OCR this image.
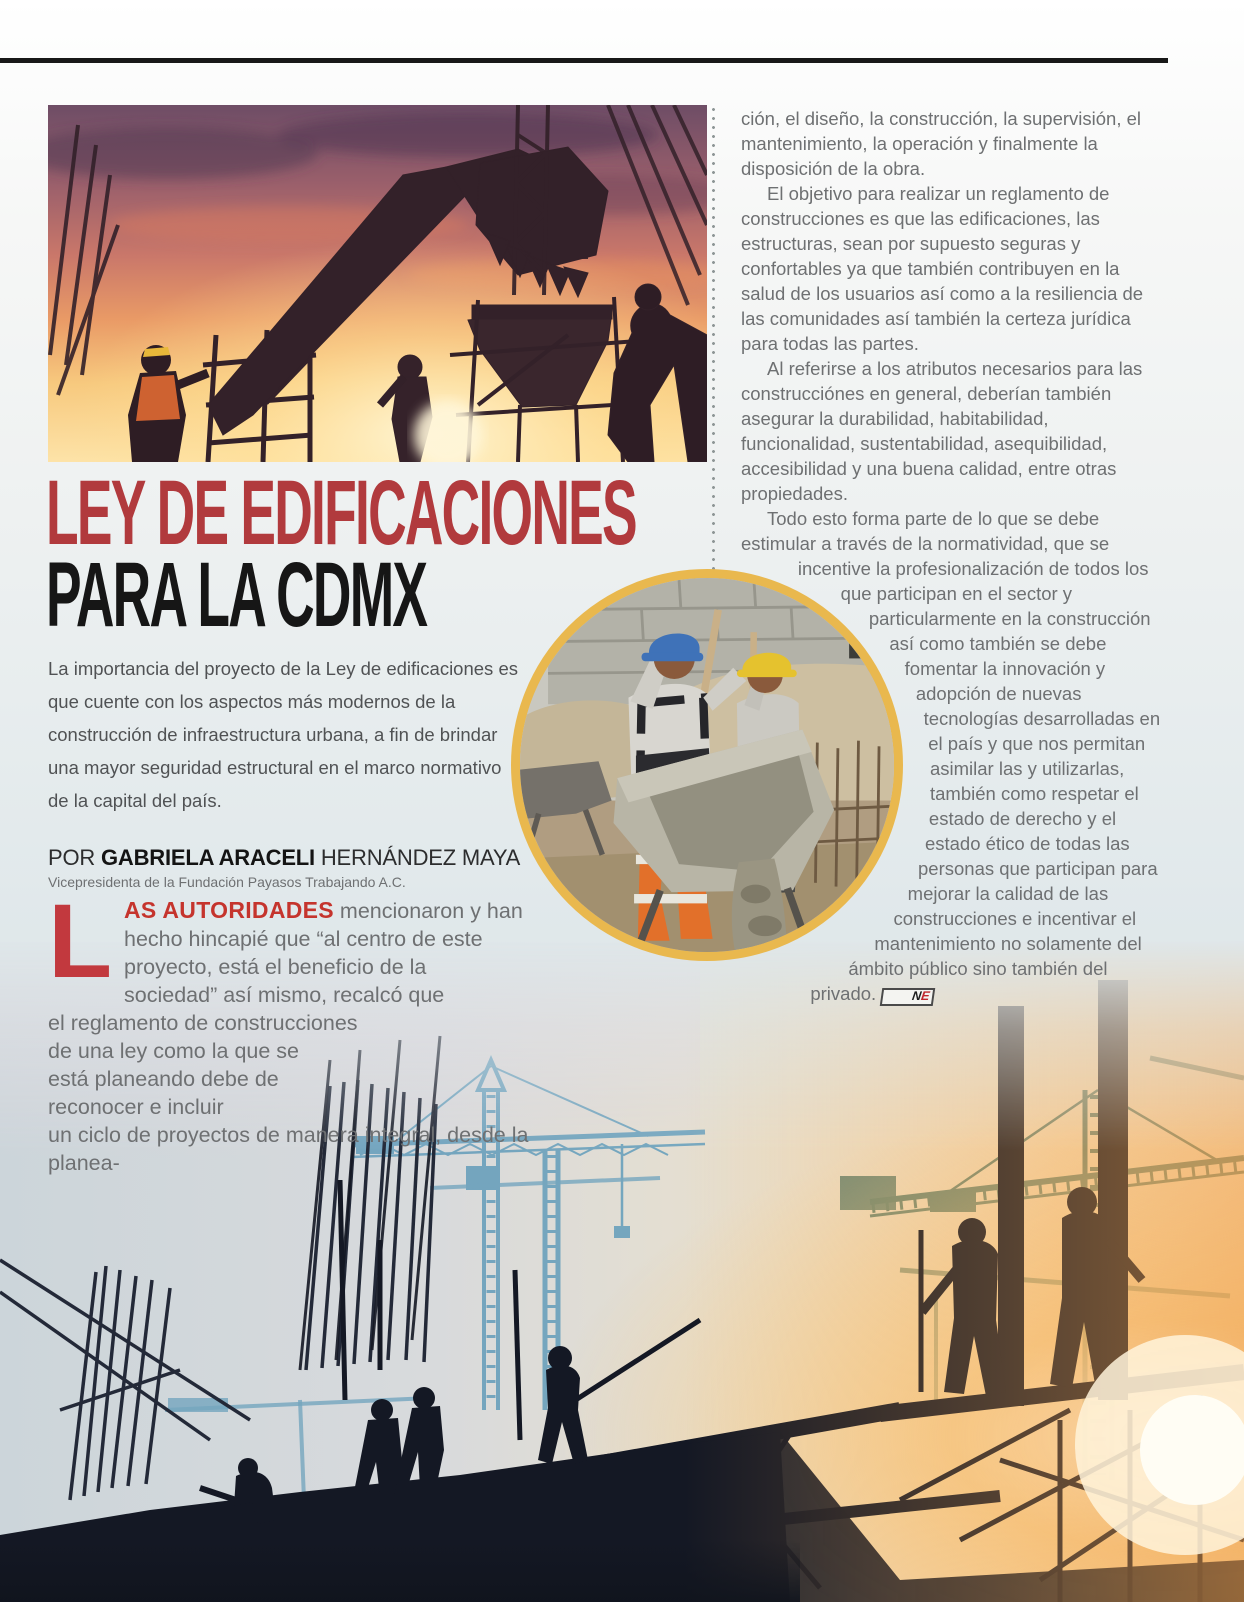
ción, el diseño, la construcción, la supervisión, el mantenimiento, la operación y finalmente la disposición de la obra.

El objetivo para realizar un reglamento de construcciones es que las edificaciones, las estructuras, sean por supuesto seguras y confortables ya que también contribuyen en la salud de los usuarios así como a la resiliencia de las comunidades así también la certeza jurídica para todas las partes.

Al referirse a los atributos necesarios para las construcciónes en general, deberían también asegurar la durabilidad, habitabilidad, funcionalidad, sustentabilidad, asequibilidad, accesibilidad y una buena calidad, entre otras propiedades.

Todo esto forma parte de lo que se debe estimular a través de la normatividad, que se incentive la profesionalización de todos los que participan en el sector y particularmente en la construcción así como también se debe fomentar la innovación y adopción de nuevas tecnologías desarrolladas en el país y que nos permitan asimilar las y utilizarlas, también como respetar el estado de derecho y el estado ético de todas las personas que participan para mejorar la calidad de las construcciones e incentivar el mantenimiento no solamente del ámbito público sino también del privado.	NE

LEY DE EDIFICACIONES
PARA LA CDMX
La importancia del proyecto de la Ley de edificaciones es que cuente con los aspectos más modernos de la construcción de infraestructura urbana, a fin de brindar una mayor seguridad estructural en el marco normativo de la capital del país.
POR GABRIELA ARACELI HERNÁNDEZ MAYA
Vicepresidenta de la Fundación Payasos Trabajando A.C.

LAS AUTORIDADES mencionaron y han hecho hincapié que “al centro de este proyecto, está el beneficio de la sociedad” así mismo, recalcó que el reglamento de construcciones de una ley como la que se está planeando debe de reconocer e incluir un ciclo de proyectos de manera integral, desde la planea-
